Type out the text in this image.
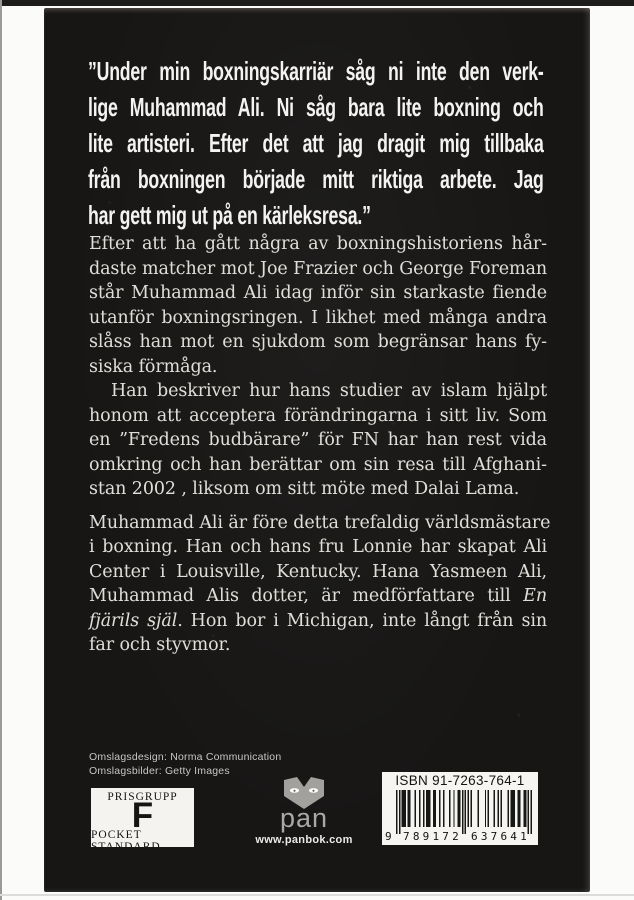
”Under min boxningskarriär såg ni inte den verk-
lige Muhammad Ali. Ni såg bara lite boxning och
lite artisteri. Efter det att jag dragit mig tillbaka
från boxningen började mitt riktiga arbete. Jag
har gett mig ut på en kärleksresa.”
Efter att ha gått några av boxningshistoriens hår-
daste matcher mot Joe Frazier och George Foreman
står Muhammad Ali idag inför sin starkaste fiende
utanför boxningsringen. I likhet med många andra
slåss han mot en sjukdom som begränsar hans fy-
siska förmåga.
Han beskriver hur hans studier av islam hjälpt
honom att acceptera förändringarna i sitt liv. Som
en ”Fredens budbärare” för FN har han rest vida
omkring och han berättar om sin resa till Afghani-
stan 2002 , liksom om sitt möte med Dalai Lama.
Muhammad Ali är före detta trefaldig världsmästare
i boxning. Han och hans fru Lonnie har skapat Ali
Center i Louisville, Kentucky. Hana Yasmeen Ali,
Muhammad Alis dotter, är medförfattare till En
fjärils själ. Hon bor i Michigan, inte långt från sin
far och styvmor.
Omslagsdesign: Norma Communication
Omslagsbilder: Getty Images
PRISGRUPP
F
POCKET STANDARD
pan
www.panbok.com
ISBN 91-7263-764-1
9 789172 637641
